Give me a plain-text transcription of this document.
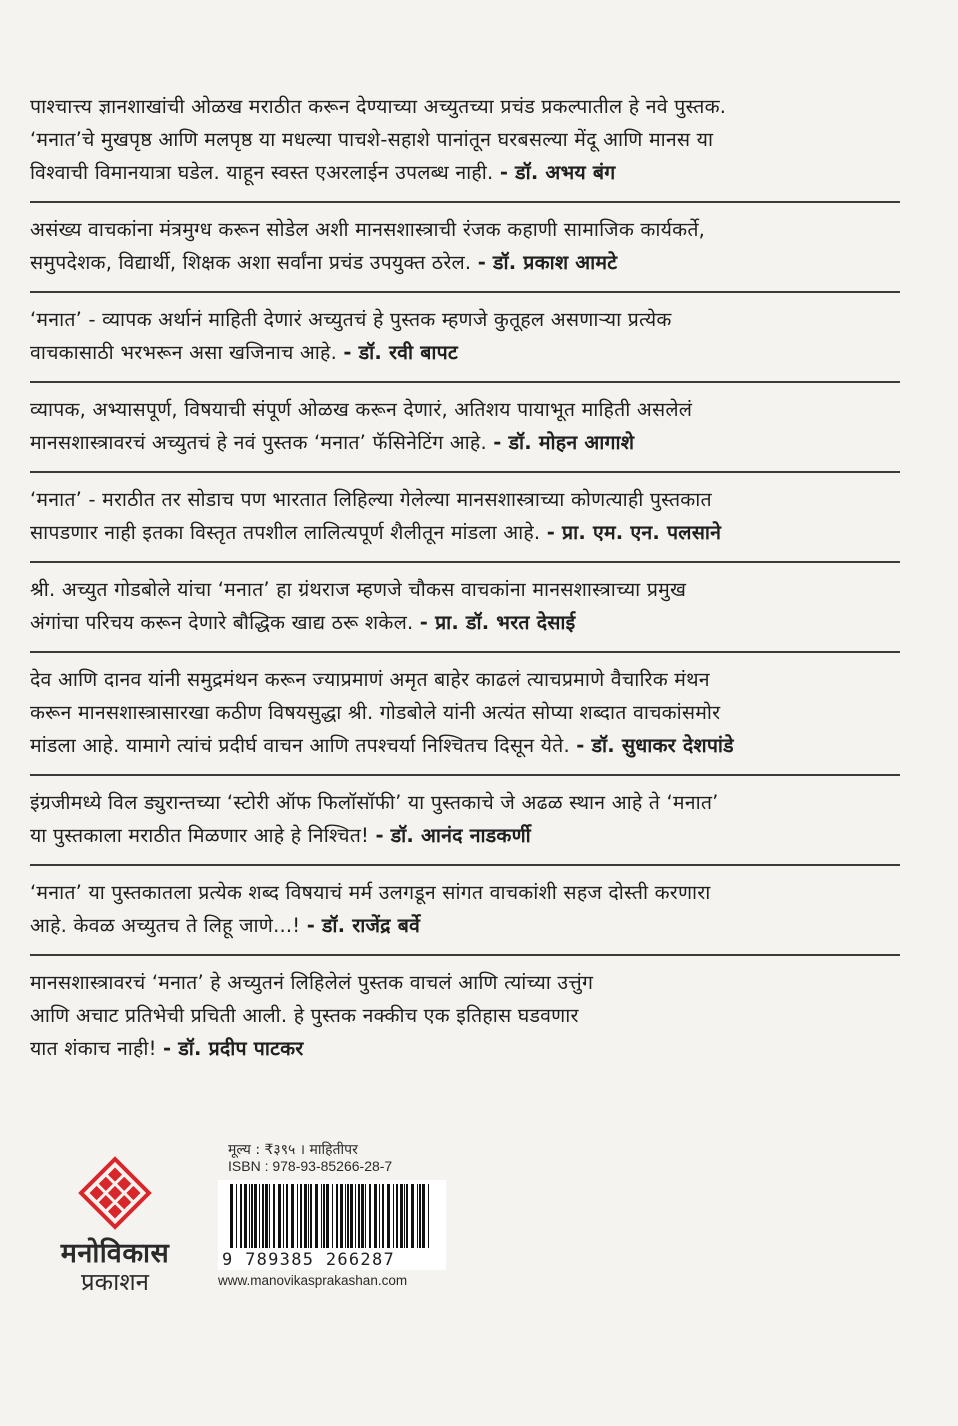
पाश्चात्त्य ज्ञानशाखांची ओळख मराठीत करून देण्याच्या अच्युतच्या प्रचंड प्रकल्पातील हे नवे पुस्तक.
‘मनात’चे मुखपृष्ठ आणि मलपृष्ठ या मधल्या पाचशे-सहाशे पानांतून घरबसल्या मेंदू आणि मानस या
विश्‍वाची विमानयात्रा घडेल. याहून स्वस्त एअरलाईन उपलब्ध नाही. - डॉ. अभय बंग
असंख्य वाचकांना मंत्रमुग्ध करून सोडेल अशी मानसशास्त्राची रंजक कहाणी सामाजिक कार्यकर्ते,
समुपदेशक, विद्यार्थी, शिक्षक अशा सर्वांना प्रचंड उपयुक्त ठरेल. - डॉ. प्रकाश आमटे
‘मनात’ - व्यापक अर्थानं माहिती देणारं अच्युतचं हे पुस्तक म्हणजे कुतूहल असणाऱ्या प्रत्येक
वाचकासाठी भरभरून असा खजिनाच आहे. - डॉ. रवी बापट
व्यापक, अभ्यासपूर्ण, विषयाची संपूर्ण ओळख करून देणारं, अतिशय पायाभूत माहिती असलेलं
मानसशास्त्रावरचं अच्युतचं हे नवं पुस्तक ‘मनात’ फॅसिनेटिंग आहे. - डॉ. मोहन आगाशे
‘मनात’ - मराठीत तर सोडाच पण भारतात लिहिल्या गेलेल्या मानसशास्त्राच्या कोणत्याही पुस्तकात
सापडणार नाही इतका विस्तृत तपशील लालित्यपूर्ण शैलीतून मांडला आहे. - प्रा. एम. एन. पलसाने
श्री. अच्युत गोडबोले यांचा ‘मनात’ हा ग्रंथराज म्हणजे चौकस वाचकांना मानसशास्त्राच्या प्रमुख
अंगांचा परिचय करून देणारे बौद्धिक खाद्य ठरू शकेल. - प्रा. डॉ. भरत देसाई
देव आणि दानव यांनी समुद्रमंथन करून ज्याप्रमाणं अमृत बाहेर काढलं त्याचप्रमाणे वैचारिक मंथन
करून मानसशास्त्रासारखा कठीण विषयसुद्धा श्री. गोडबोले यांनी अत्यंत सोप्या शब्दात वाचकांसमोर
मांडला आहे. यामागे त्यांचं प्रदीर्घ वाचन आणि तपश्‍चर्या निश्‍चितच दिसून येते. - डॉ. सुधाकर देशपांडे
इंग्रजीमध्ये विल ड्युरान्तच्या ‘स्टोरी ऑफ फिलॉसॉफी’ या पुस्तकाचे जे अढळ स्थान आहे ते ‘मनात’
या पुस्तकाला मराठीत मिळणार आहे हे निश्‍चित! - डॉ. आनंद नाडकर्णी
‘मनात’ या पुस्तकातला प्रत्येक शब्द विषयाचं मर्म उलगडून सांगत वाचकांशी सहज दोस्ती करणारा
आहे. केवळ अच्युतच ते लिहू जाणे...! - डॉ. राजेंद्र बर्वे
मानसशास्त्रावरचं ‘मनात’ हे अच्युतनं लिहिलेलं पुस्तक वाचलं आणि त्यांच्या उत्तुंग
आणि अचाट प्रतिभेची प्रचिती आली. हे पुस्तक नक्कीच एक इतिहास घडवणार
यात शंकाच नाही! - डॉ. प्रदीप पाटकर
मनोविकास
प्रकाशन
मूल्य : ₹३९५ । माहितीपर
ISBN : 978-93-85266-28-7
9 789385 266287
www.manovikasprakashan.com
